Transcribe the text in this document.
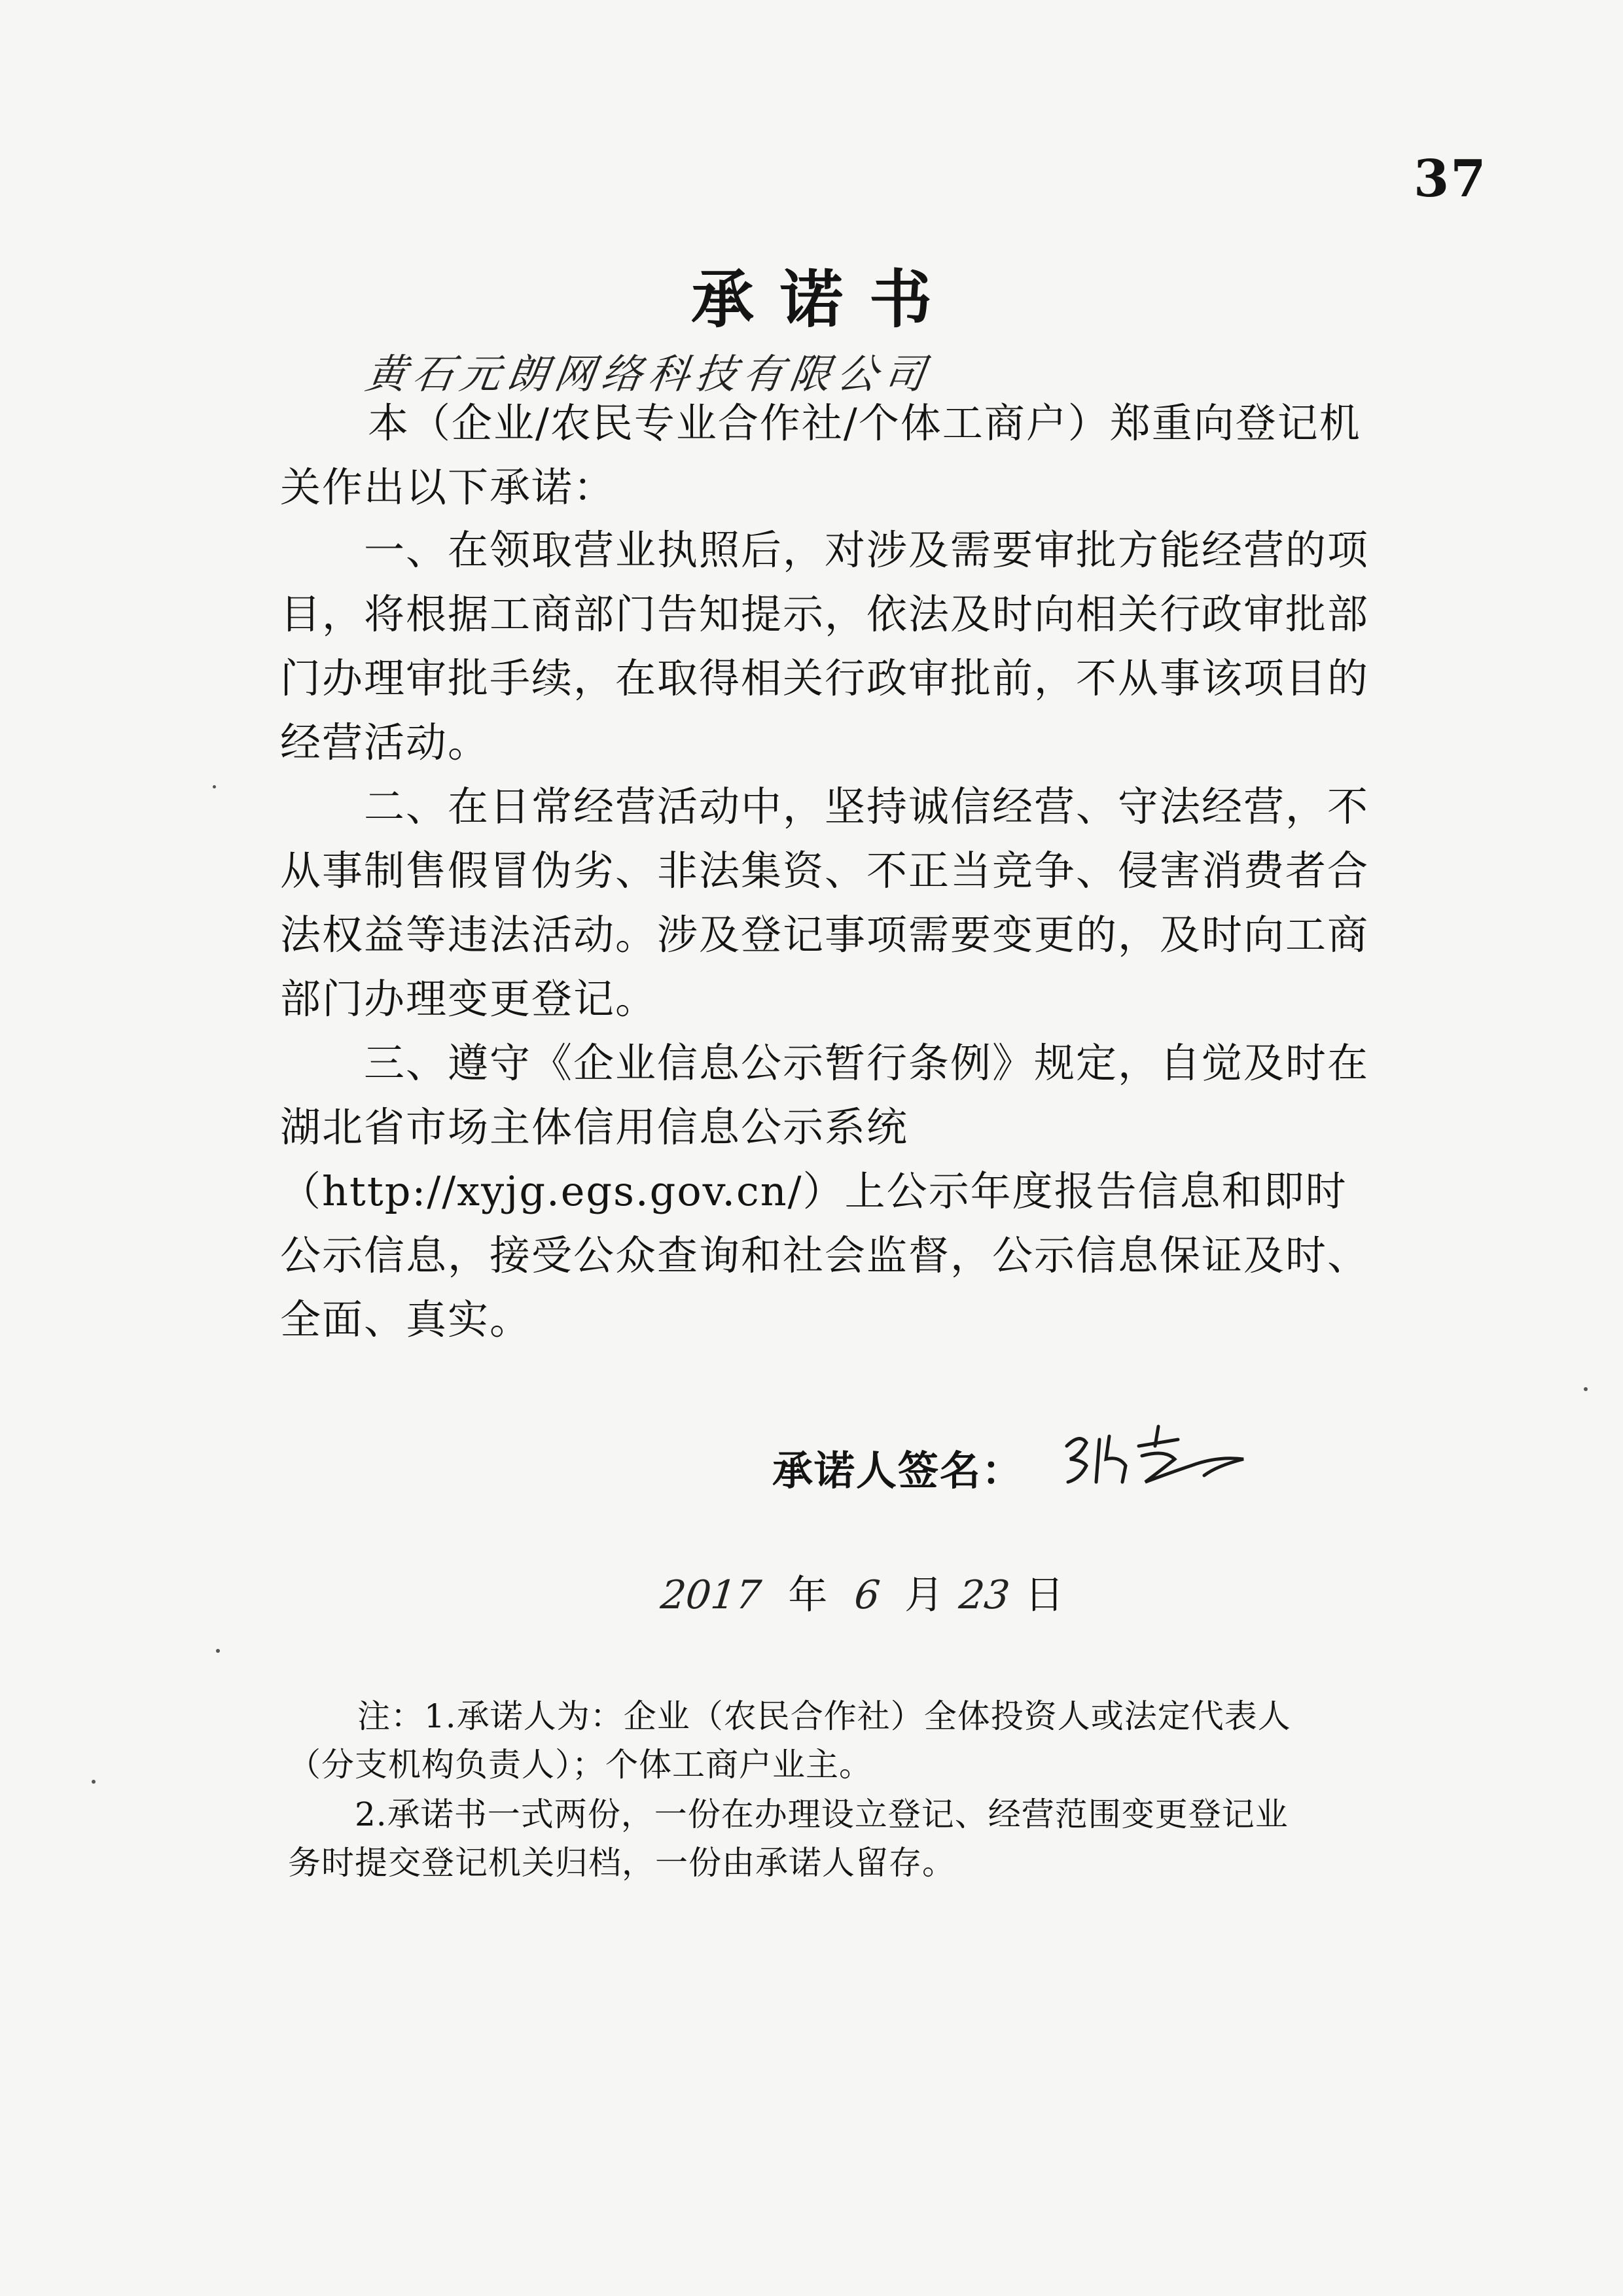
37
承诺书
黄石元朗网络科技有限公司
本（企业/农民专业合作社/个体工商户）郑重向登记机
关作出以下承诺：
　　一、在领取营业执照后，对涉及需要审批方能经营的项
目，将根据工商部门告知提示，依法及时向相关行政审批部
门办理审批手续，在取得相关行政审批前，不从事该项目的
经营活动。
　　二、在日常经营活动中，坚持诚信经营、守法经营，不
从事制售假冒伪劣、非法集资、不正当竞争、侵害消费者合
法权益等违法活动。涉及登记事项需要变更的，及时向工商
部门办理变更登记。
　　三、遵守《企业信息公示暂行条例》规定，自觉及时在
湖北省市场主体信用信息公示系统
（http://xyjg.egs.gov.cn/）上公示年度报告信息和即时
公示信息，接受公众查询和社会监督，公示信息保证及时、
全面、真实。
承诺人签名：
2017 年 6 月 23 日
注：1.承诺人为：企业（农民合作社）全体投资人或法定代表人
（分支机构负责人）；个体工商户业主。
　　2.承诺书一式两份，一份在办理设立登记、经营范围变更登记业
务时提交登记机关归档，一份由承诺人留存。
